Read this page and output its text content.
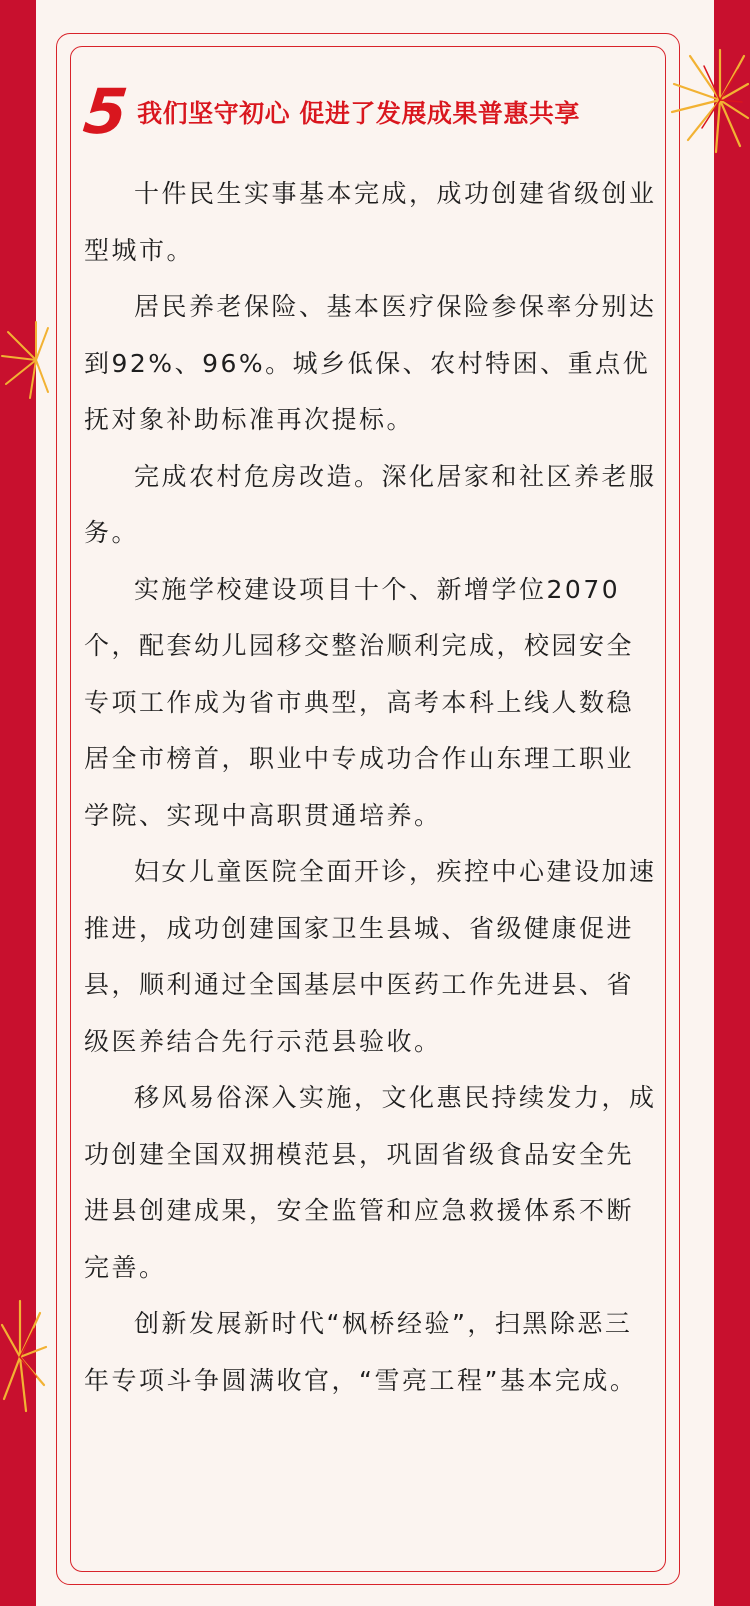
5 我们坚守初心 促进了发展成果普惠共享

十件民生实事基本完成，成功创建省级创业型城市。

居民养老保险、基本医疗保险参保率分别达到92%、96%。城乡低保、农村特困、重点优抚对象补助标准再次提标。

完成农村危房改造。深化居家和社区养老服务。

实施学校建设项目十个、新增学位2070个，配套幼儿园移交整治顺利完成，校园安全专项工作成为省市典型，高考本科上线人数稳居全市榜首，职业中专成功合作山东理工职业学院、实现中高职贯通培养。

妇女儿童医院全面开诊，疾控中心建设加速推进，成功创建国家卫生县城、省级健康促进县，顺利通过全国基层中医药工作先进县、省级医养结合先行示范县验收。

移风易俗深入实施，文化惠民持续发力，成功创建全国双拥模范县，巩固省级食品安全先进县创建成果，安全监管和应急救援体系不断完善。

创新发展新时代“枫桥经验”，扫黑除恶三年专项斗争圆满收官，“雪亮工程”基本完成。
